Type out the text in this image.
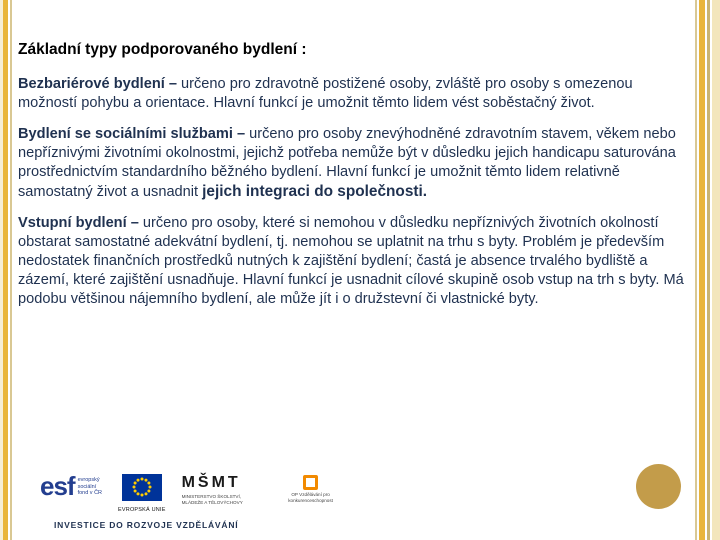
Základní typy podporovaného bydlení :

Bezbariérové bydlení – určeno pro zdravotně postižené osoby, zvláště pro osoby s omezenou možností pohybu a orientace. Hlavní funkcí je umožnit těmto lidem vést soběstačný život.

Bydlení se sociálními službami – určeno pro osoby znevýhodněné zdravotním stavem, věkem nebo nepříznivými životními okolnostmi, jejichž potřeba nemůže být v důsledku jejich handicapu saturována prostřednictvím standardního běžného bydlení. Hlavní funkcí je umožnit těmto lidem relativně samostatný život a usnadnit jejich integraci do společnosti.

Vstupní bydlení – určeno pro osoby, které si nemohou v důsledku nepříznivých životních okolností obstarat samostatné adekvátní bydlení, tj. nemohou se uplatnit na trhu s byty. Problém je především nedostatek finančních prostředků nutných k zajištění bydlení; častá je absence trvalého bydliště a zázemí, které zajištění usnadňuje. Hlavní funkcí je usnadnit cílové skupině osob vstup na trh s byty. Má podobu většinou nájemního bydlení, ale může jít i o družstevní či vlastnické byty.

esf evropský
sociální
fond v ČR
EVROPSKÁ UNIE
MŠMT
MINISTERSTVO ŠKOLSTVÍ, MLÁDEŽE A TĚLOVÝCHOVY
OP Vzdělávání pro konkurenceschopnost
INVESTICE DO ROZVOJE VZDĚLÁVÁNÍ
